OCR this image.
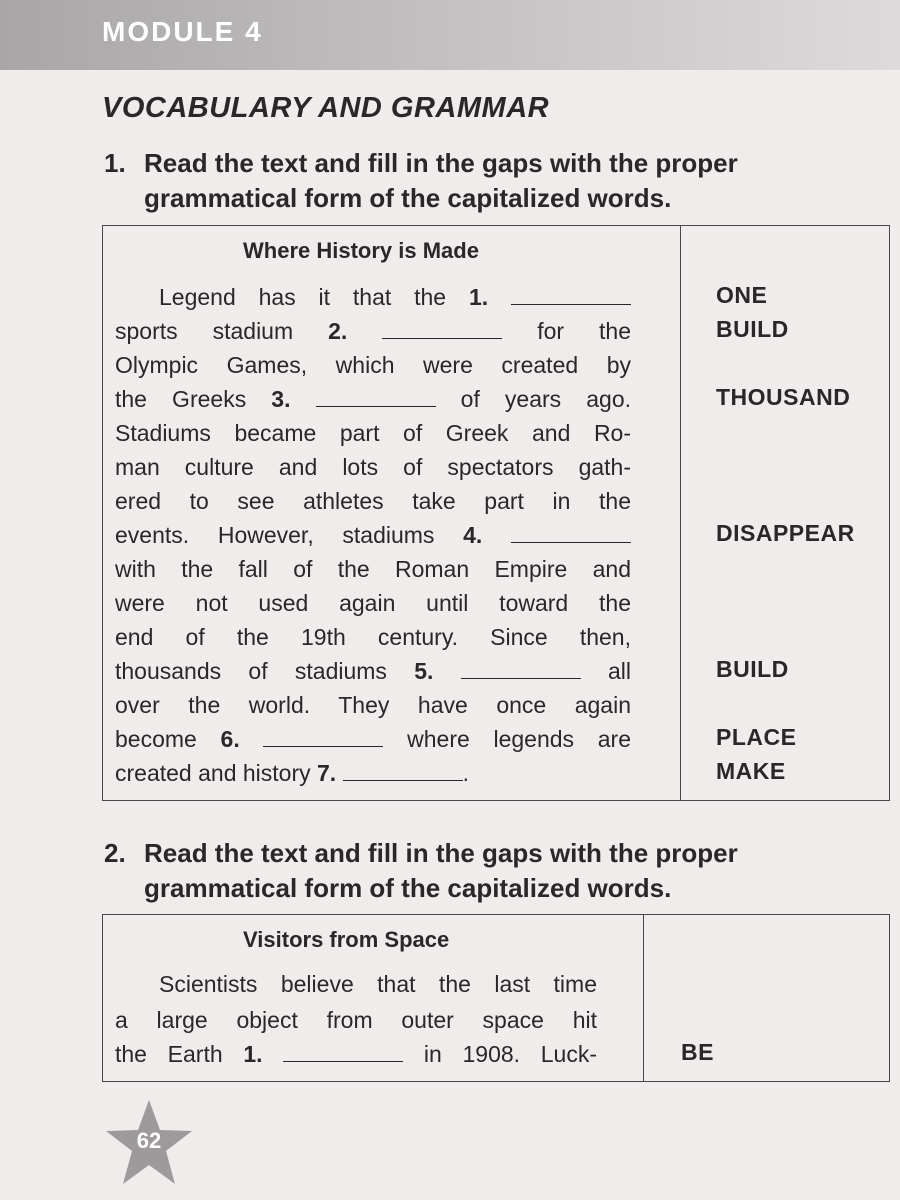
MODULE 4
VOCABULARY AND GRAMMAR
1. Read the text and fill in the gaps with the proper
grammatical form of the capitalized words.
Where History is Made
Legend has it that the 1.
sports stadium 2.	for the
Olympic Games, which were created by
the Greeks 3.	of years ago.
Stadiums became part of Greek and Ro-
man culture and lots of spectators gath-
ered to see athletes take part in the
events. However, stadiums 4.
with the fall of the Roman Empire and
were not used again until toward the
end of the 19th century. Since then,
thousands of stadiums 5.	all
over the world. They have once again
become 6.	where legends are
created and history 7.	.
ONE
BUILD
THOUSAND
DISAPPEAR
BUILD
PLACE
MAKE
2. Read the text and fill in the gaps with the proper
grammatical form of the capitalized words.
Visitors from Space
Scientists believe that the last time
a large object from outer space hit
the Earth 1.	in 1908. Luck-	BE
62
